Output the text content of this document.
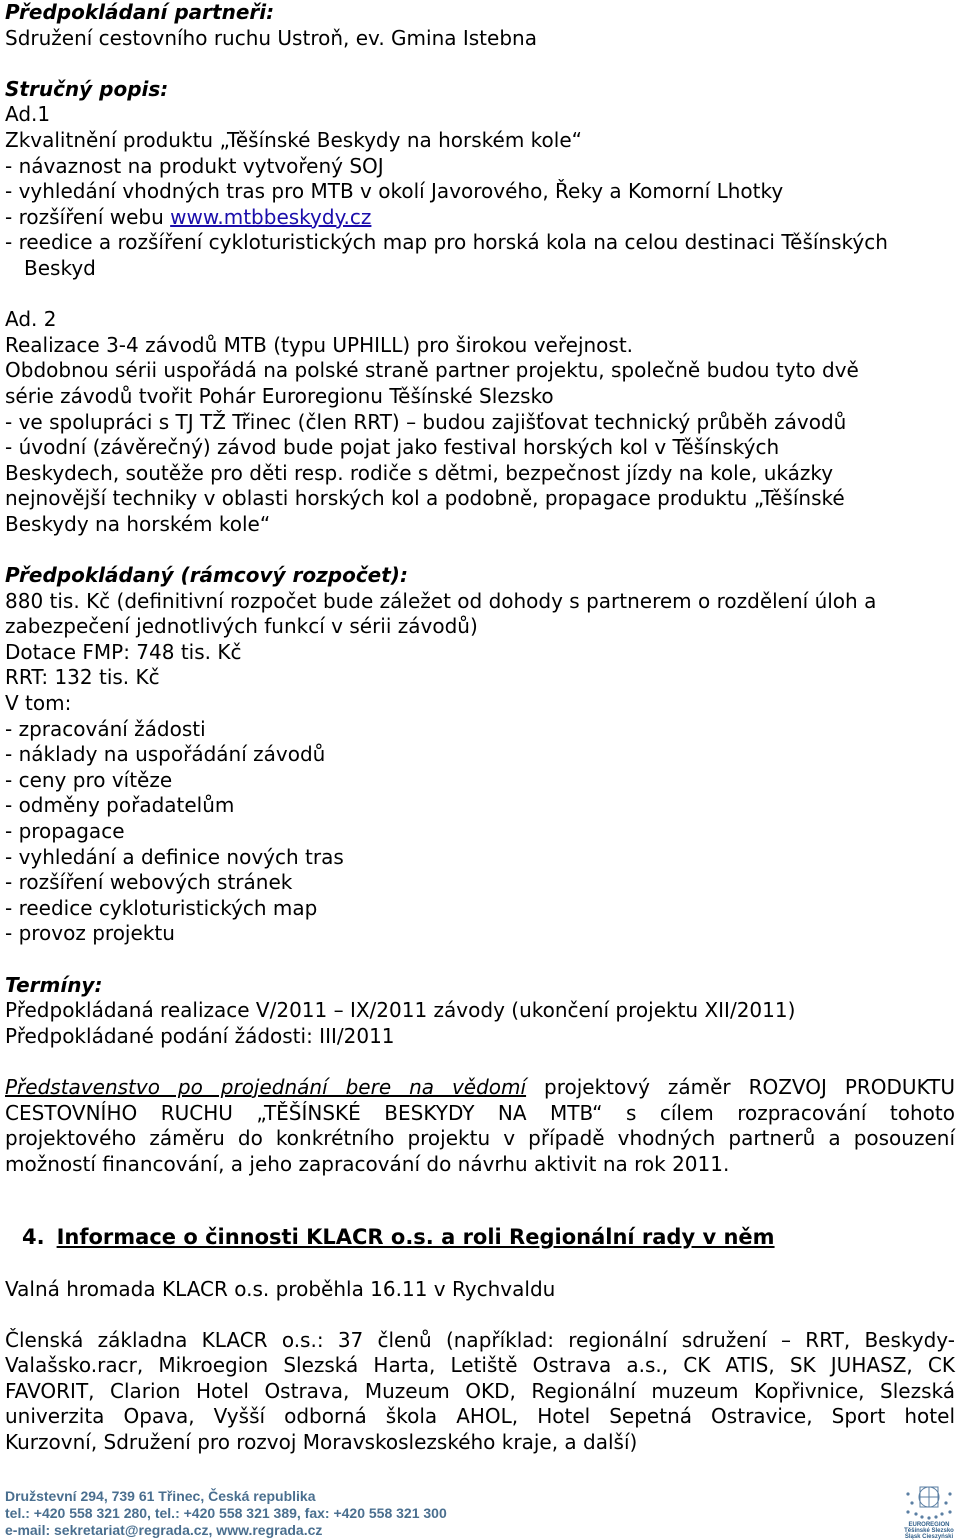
Předpokládaní partneři:
Sdružení cestovního ruchu Ustroň, ev. Gmina Istebna
Stručný popis:
Ad.1
Zkvalitnění produktu „Těšínské Beskydy na horském kole“
- návaznost na produkt vytvořený SOJ
- vyhledání vhodných tras pro MTB v okolí Javorového, Řeky a Komorní Lhotky
- rozšíření webu www.mtbbeskydy.cz
- reedice a rozšíření cykloturistických map pro horská kola na celou destinaci Těšínských
Beskyd
Ad. 2
Realizace 3-4 závodů MTB (typu UPHILL) pro širokou veřejnost.
Obdobnou sérii uspořádá na polské straně partner projektu, společně budou tyto dvě
série závodů tvořit Pohár Euroregionu Těšínské Slezsko
- ve spolupráci s TJ TŽ Třinec (člen RRT) – budou zajišťovat technický průběh závodů
- úvodní (závěrečný) závod bude pojat jako festival horských kol v Těšínských
Beskydech, soutěže pro děti resp. rodiče s dětmi, bezpečnost jízdy na kole, ukázky
nejnovější techniky v oblasti horských kol a podobně, propagace produktu „Těšínské
Beskydy na horském kole“
Předpokládaný (rámcový rozpočet):
880 tis. Kč (definitivní rozpočet bude záležet od dohody s partnerem o rozdělení úloh a
zabezpečení jednotlivých funkcí v sérii závodů)
Dotace FMP: 748 tis. Kč
RRT: 132 tis. Kč
V tom:
- zpracování žádosti
- náklady na uspořádání závodů
- ceny pro vítěze
- odměny pořadatelům
- propagace
- vyhledání a definice nových tras
- rozšíření webových stránek
- reedice cykloturistických map
- provoz projektu
Termíny:
Předpokládaná realizace V/2011 – IX/2011 závody (ukončení projektu XII/2011)
Předpokládané podání žádosti: III/2011
Představenstvo po projednání bere na vědomí projektový záměr ROZVOJ PRODUKTU
CESTOVNÍHO RUCHU „TĚŠÍNSKÉ BESKYDY NA MTB“ s cílem rozpracování tohoto
projektového záměru do konkrétního projektu v případě vhodných partnerů a posouzení
možností financování, a jeho zapracování do návrhu aktivit na rok 2011.
4. Informace o činnosti KLACR o.s. a roli Regionální rady v něm
Valná hromada KLACR o.s. proběhla 16.11 v Rychvaldu
Členská základna KLACR o.s.: 37 členů (například: regionální sdružení – RRT, Beskydy-
Valašsko.racr, Mikroegion Slezská Harta, Letiště Ostrava a.s., CK ATIS, SK JUHASZ, CK
FAVORIT, Clarion Hotel Ostrava, Muzeum OKD, Regionální muzeum Kopřivnice, Slezská
univerzita Opava, Vyšší odborná škola AHOL, Hotel Sepetná Ostravice, Sport hotel
Kurzovní, Sdružení pro rozvoj Moravskoslezského kraje, a další)
Družstevní 294, 739 61 Třinec, Česká republika
tel.: +420 558 321 280, tel.: +420 558 321 389, fax: +420 558 321 300
e-mail: sekretariat@regrada.cz, www.regrada.cz	EUROREGION
Těšínské Slezsko
Śląsk Cieszyński
